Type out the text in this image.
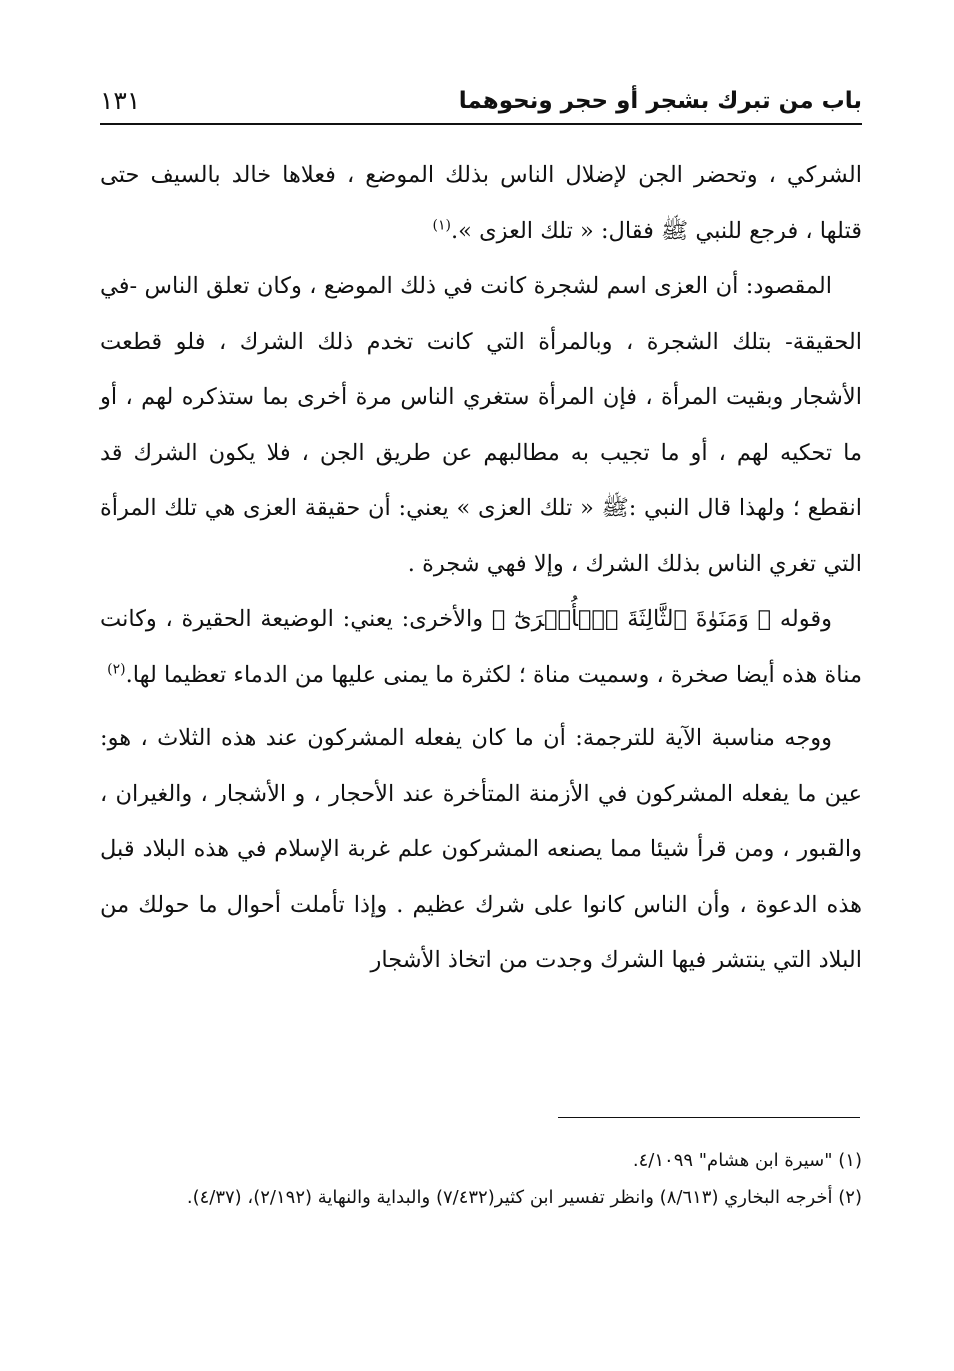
باب من تبرك بشجر أو حجر ونحوهما
١٣١

الشركي ، وتحضر الجن لإضلال الناس بذلك الموضع ، فعلاها خالد بالسيف حتى قتلها ، فرجع للنبي ﷺ فقال: « تلك العزى ».$^{(١)}$

المقصود: أن العزى اسم لشجرة كانت في ذلك الموضع ، وكان تعلق الناس -في الحقيقة- بتلك الشجرة ، وبالمرأة التي كانت تخدم ذلك الشرك ، فلو قطعت الأشجار وبقيت المرأة ، فإن المرأة ستغري الناس مرة أخرى بما ستذكره لهم ، أو ما تحكيه لهم ، أو ما تجيب به مطالبهم عن طريق الجن ، فلا يكون الشرك قد انقطع ؛ ولهذا قال النبي :ﷺ « تلك العزى » يعني: أن حقيقة العزى هي تلك المرأة التي تغري الناس بذلك الشرك ، وإلا فهي شجرة .

وقوله ﴿ وَمَنَوٰةَ ٱلثَّالِثَةَ ٱلۡأُخۡرَىٰٓ ﴾ والأخرى: يعني: الوضيعة الحقيرة ، وكانت مناة هذه أيضا صخرة ، وسميت مناة ؛ لكثرة ما يمنى عليها من الدماء تعظيما لها.$^{(٢)}$

ووجه مناسبة الآية للترجمة: أن ما كان يفعله المشركون عند هذه الثلاث ، هو: عين ما يفعله المشركون في الأزمنة المتأخرة عند الأحجار ، و الأشجار ، والغيران ، والقبور ، ومن قرأ شيئا مما يصنعه المشركون علم غربة الإسلام في هذه البلاد قبل هذه الدعوة ، وأن الناس كانوا على شرك عظيم . وإذا تأملت أحوال ما حولك من البلاد التي ينتشر فيها الشرك وجدت من اتخاذ الأشجار

(١) "سيرة ابن هشام" ٤/١٠٩٩.

(٢) أخرجه البخاري (٨/٦١٣) وانظر تفسير ابن كثير(٧/٤٣٢) والبداية والنهاية (٢/١٩٢)، (٤/٣٧).
